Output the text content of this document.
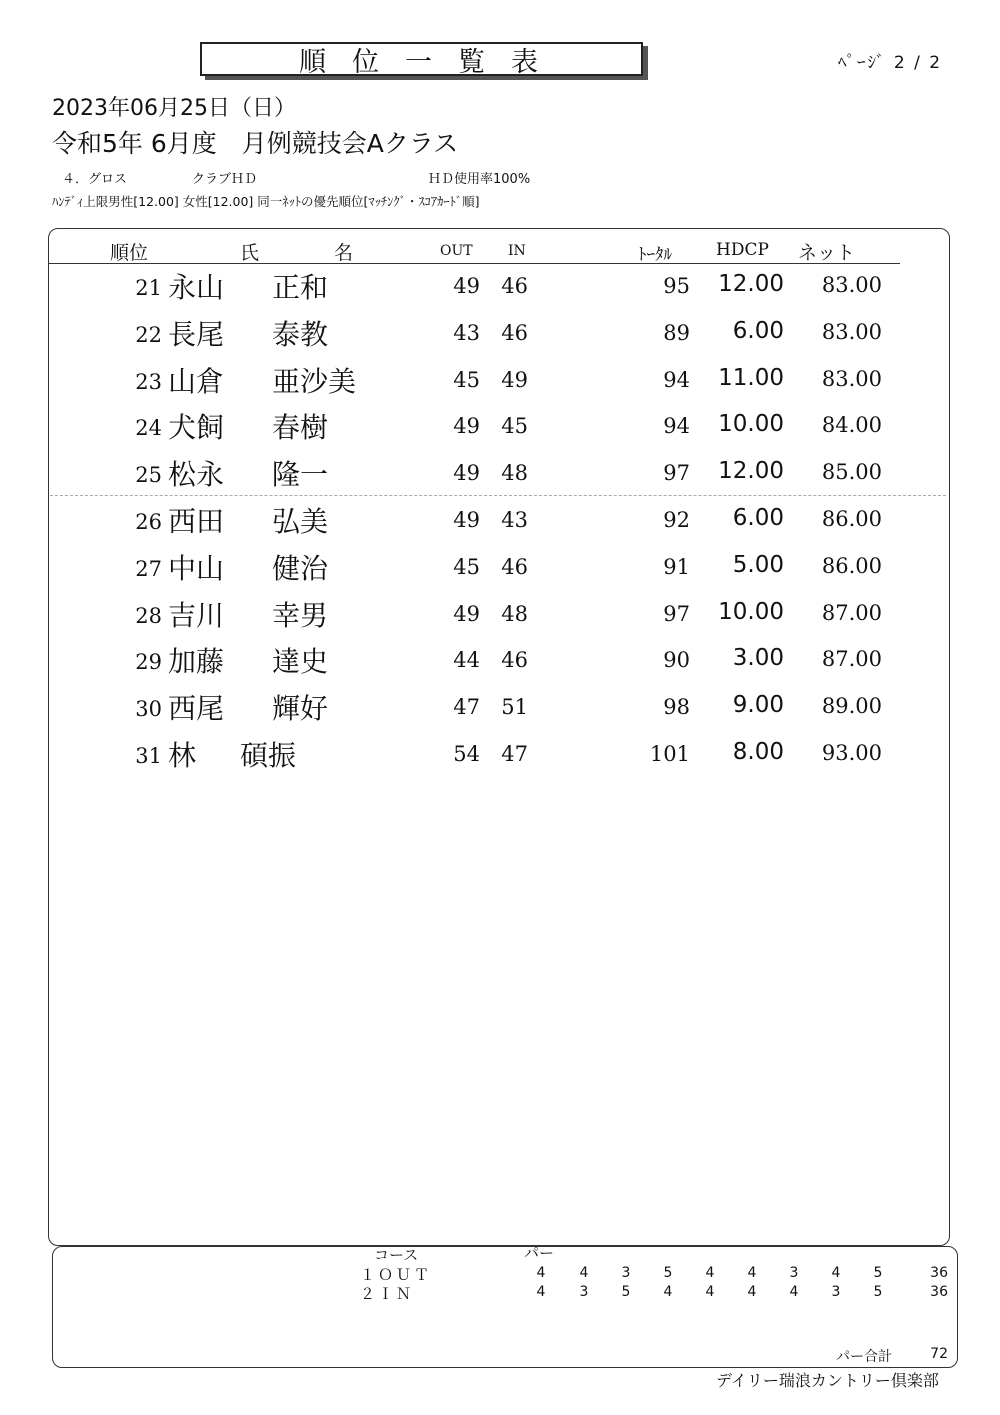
順位一覧表	ﾍﾟｰｼﾞ 2 / 2
2023年06月25日（日）
令和5年 6月度　月例競技会Aクラス
４．グロス	クラブＨＤ	ＨＤ使用率100%
ﾊﾝﾃﾞｨ上限男性[12.00] 女性[12.00] 同一ﾈｯﾄの優先順位[ﾏｯﾁﾝｸﾞ・ｽｺｱｶｰﾄﾞ順]
順位	氏	名	OUT	IN	ﾄｰﾀﾙ	HDCP ネット
21 永山 正和	49 46	95	12.00	83.00
22 長尾 泰教	43 46	89	6.00	83.00
23 山倉 亜沙美	45 49	94	11.00	83.00
24 犬飼 春樹	49 45	94	10.00	84.00
25 松永 隆一	49 48	97	12.00	85.00
26 西田 弘美	49 43	92	6.00	86.00
27 中山 健治	45 46	91	5.00	86.00
28 吉川 幸男	49 48	97	10.00	87.00
29 加藤 達史	44 46	90	3.00	87.00
30 西尾 輝好	47 51	98	9.00	89.00
31 林 碩振	54 47	101	8.00	93.00
コース	パー
１ＯＵＴ	4	4	3	5	4	4	3	4	5	36
２ＩＮ	4	3	5	4	4	4	4	3	5	36
パー合計	72
デイリー瑞浪カントリー倶楽部
